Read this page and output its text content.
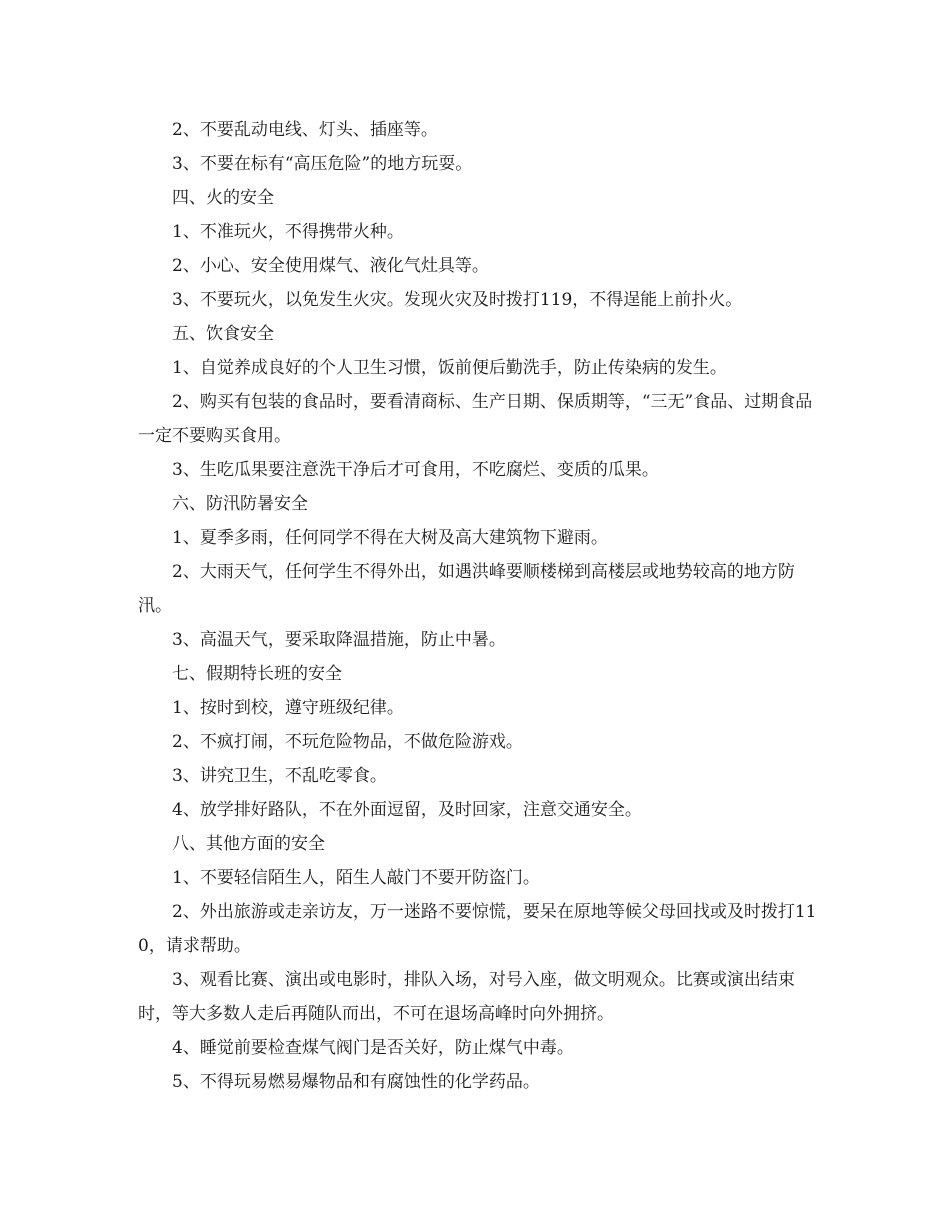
2、不要乱动电线、灯头、插座等。

3、不要在标有“高压危险”的地方玩耍。

四、火的安全

1、不准玩火，不得携带火种。

2、小心、安全使用煤气、液化气灶具等。

3、不要玩火，以免发生火灾。发现火灾及时拨打119，不得逞能上前扑火。

五、饮食安全

1、自觉养成良好的个人卫生习惯，饭前便后勤洗手，防止传染病的发生。

2、购买有包装的食品时，要看清商标、生产日期、保质期等，“三无”食品、过期食品一定不要购买食用。

3、生吃瓜果要注意洗干净后才可食用，不吃腐烂、变质的瓜果。

六、防汛防暑安全

1、夏季多雨，任何同学不得在大树及高大建筑物下避雨。

2、大雨天气，任何学生不得外出，如遇洪峰要顺楼梯到高楼层或地势较高的地方防汛。

3、高温天气，要采取降温措施，防止中暑。

七、假期特长班的安全

1、按时到校，遵守班级纪律。

2、不疯打闹，不玩危险物品，不做危险游戏。

3、讲究卫生，不乱吃零食。

4、放学排好路队，不在外面逗留，及时回家，注意交通安全。

八、其他方面的安全

1、不要轻信陌生人，陌生人敲门不要开防盗门。

2、外出旅游或走亲访友，万一迷路不要惊慌，要呆在原地等候父母回找或及时拨打110，请求帮助。

3、观看比赛、演出或电影时，排队入场，对号入座，做文明观众。比赛或演出结束时，等大多数人走后再随队而出，不可在退场高峰时向外拥挤。

4、睡觉前要检查煤气阀门是否关好，防止煤气中毒。

5、不得玩易燃易爆物品和有腐蚀性的化学药品。
